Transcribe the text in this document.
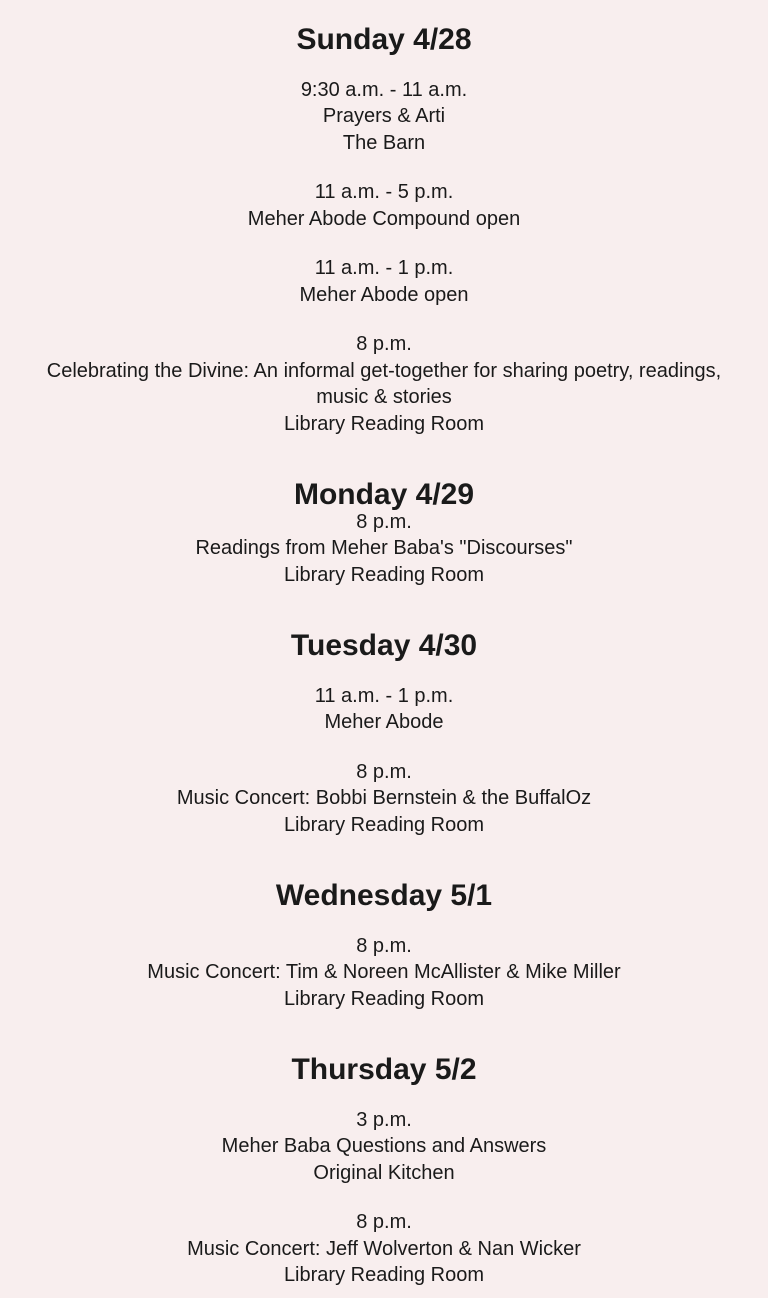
Sunday 4/28
9:30 a.m. - 11 a.m.
Prayers & Arti
The Barn
11 a.m. - 5 p.m.
Meher Abode Compound open
11 a.m. - 1 p.m.
Meher Abode open
8 p.m.
Celebrating the Divine: An informal get-together for sharing poetry, readings, music & stories
Library Reading Room
Monday 4/29
8 p.m.
Readings from Meher Baba's "Discourses"
Library Reading Room
Tuesday 4/30
11 a.m. - 1 p.m.
Meher Abode
8 p.m.
Music Concert: Bobbi Bernstein & the BuffalOz
Library Reading Room
Wednesday 5/1
8 p.m.
Music Concert: Tim & Noreen McAllister & Mike Miller
Library Reading Room
Thursday 5/2
3 p.m.
Meher Baba Questions and Answers
Original Kitchen
8 p.m.
Music Concert: Jeff Wolverton & Nan Wicker
Library Reading Room
